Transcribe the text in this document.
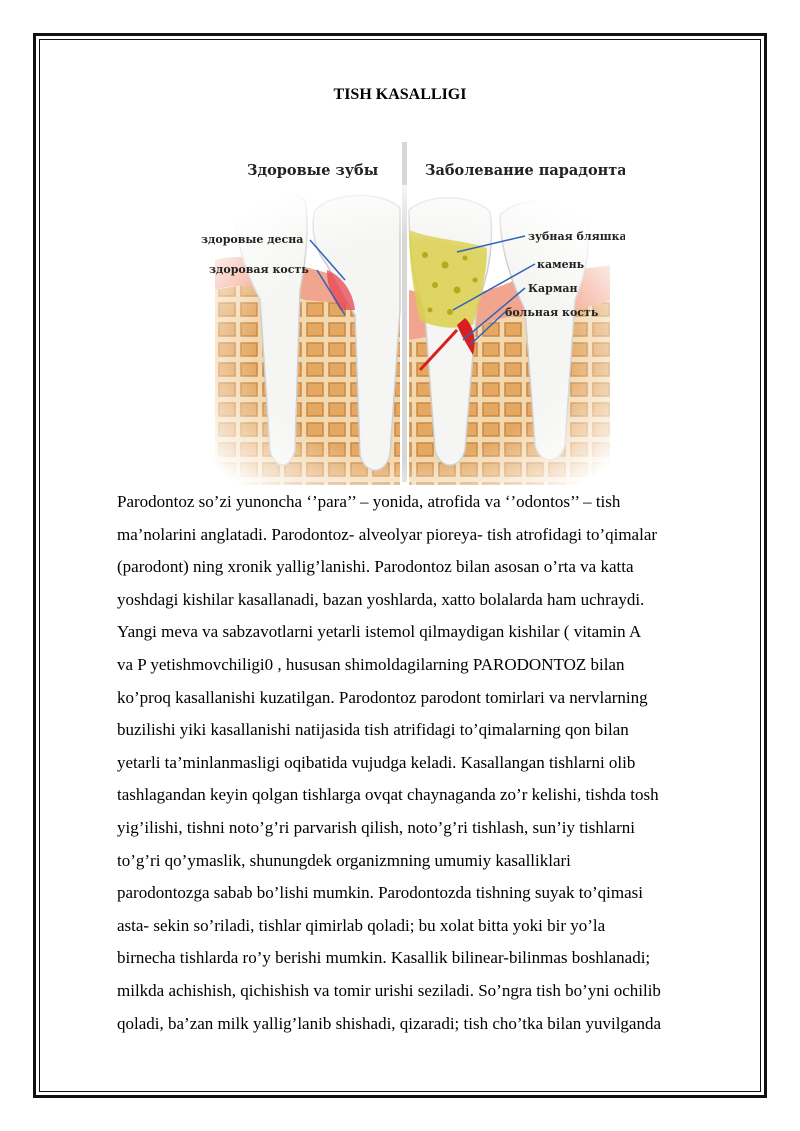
TISH KASALLIGI
Здоровые зубы	Заболевание парадонта
здоровые десна
здоровая кость
зубная бляшка
камень
Карман
больная кость
Parodontoz so’zi yunoncha ‘’para’’ – yonida, atrofida va ‘’odontos’’ – tish
ma’nolarini anglatadi. Parodontoz- alveolyar pioreya- tish atrofidagi to’qimalar
(parodont) ning xronik yallig’lanishi. Parodontoz bilan asosan o’rta va katta
yoshdagi kishilar kasallanadi, bazan yoshlarda, xatto bolalarda ham uchraydi.
Yangi meva va sabzavotlarni yetarli istemol qilmaydigan kishilar ( vitamin A
va P yetishmovchiligi0 , hususan shimoldagilarning PARODONTOZ bilan
ko’proq kasallanishi kuzatilgan. Parodontoz parodont tomirlari va nervlarning
buzilishi yiki kasallanishi natijasida tish atrifidagi to’qimalarning qon bilan
yetarli ta’minlanmasligi oqibatida vujudga keladi. Kasallangan tishlarni olib
tashlagandan keyin qolgan tishlarga ovqat chaynaganda zo’r kelishi, tishda tosh
yig’ilishi, tishni noto’g’ri parvarish qilish, noto’g’ri tishlash, sun’iy tishlarni
to’g’ri qo’ymaslik, shunungdek organizmning umumiy kasalliklari
parodontozga sabab bo’lishi mumkin. Parodontozda tishning suyak to’qimasi
asta- sekin so’riladi, tishlar qimirlab qoladi; bu xolat bitta yoki bir yo’la
birnecha tishlarda ro’y berishi mumkin. Kasallik bilinear-bilinmas boshlanadi;
milkda achishish, qichishish va tomir urishi seziladi. So’ngra tish bo’yni ochilib
qoladi, ba’zan milk yallig’lanib shishadi, qizaradi; tish cho’tka bilan yuvilganda
